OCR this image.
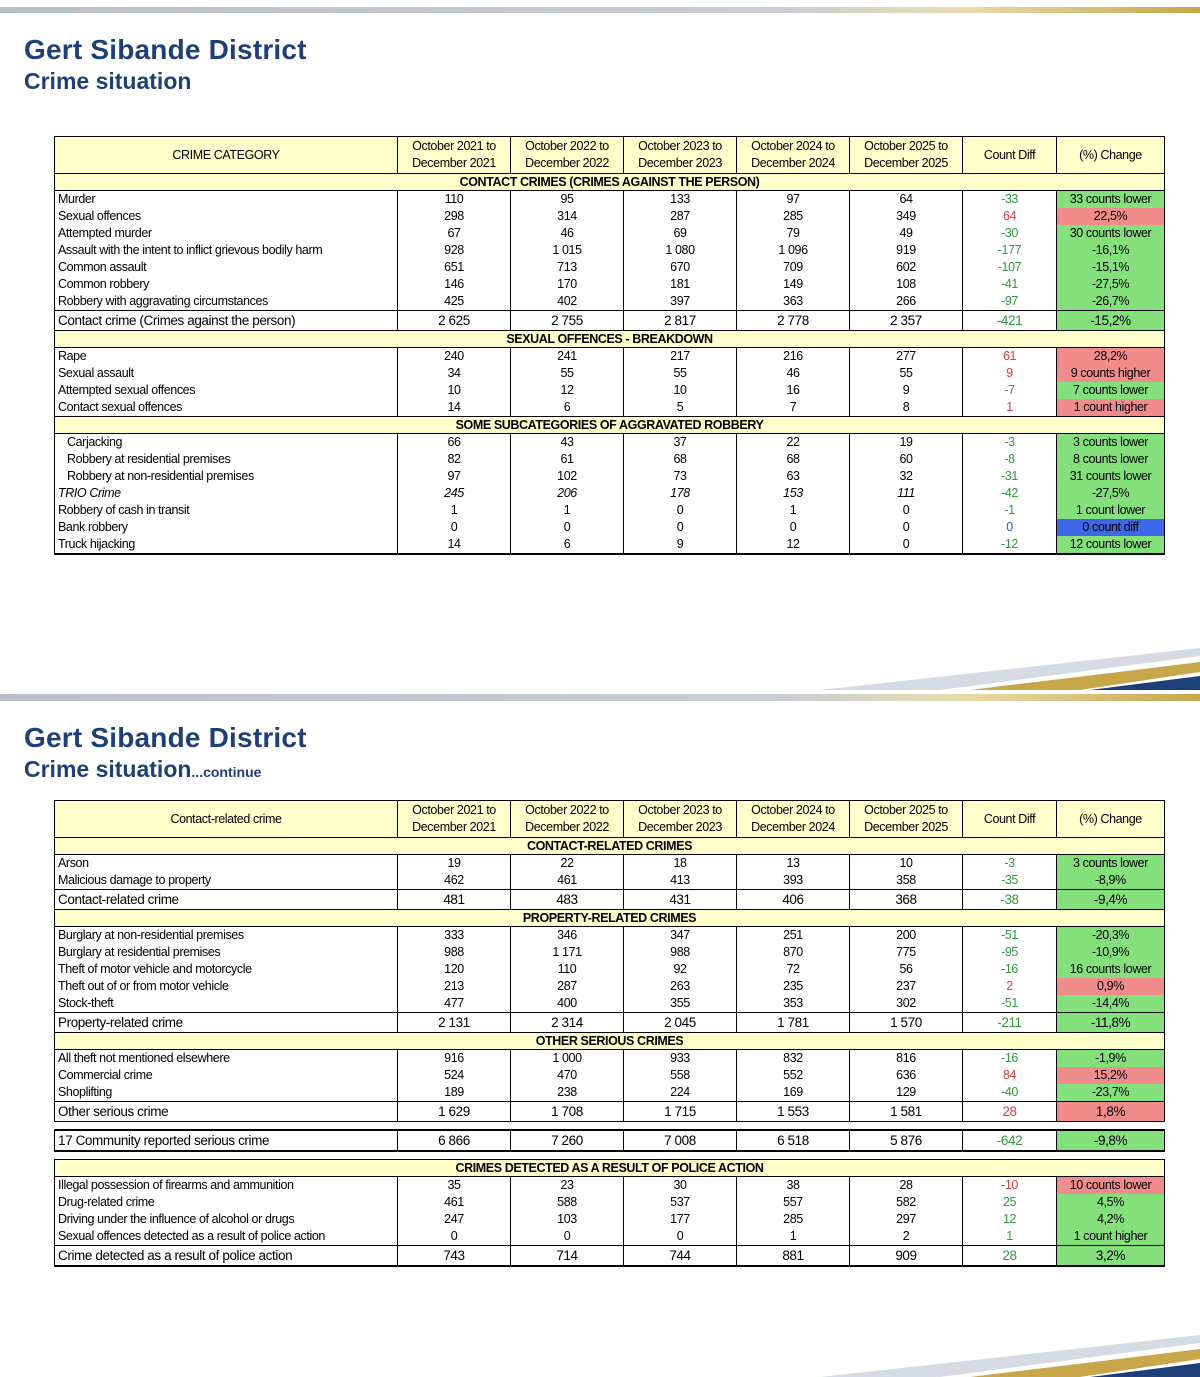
Gert Sibande District
Crime situation
CRIME CATEGORY	October 2021 to December 2021	October 2022 to December 2022	October 2023 to December 2023	October 2024 to December 2024	October 2025 to December 2025	Count Diff	(%) Change
CONTACT CRIMES (CRIMES AGAINST THE PERSON)							
Murder	110	95	133	97	64	-33	33 counts lower
Sexual offences	298	314	287	285	349	64	22,5%
Attempted murder	67	46	69	79	49	-30	30 counts lower
Assault with the intent to inflict grievous bodily harm	928	1 015	1 080	1 096	919	-177	-16,1%
Common assault	651	713	670	709	602	-107	-15,1%
Common robbery	146	170	181	149	108	-41	-27,5%
Robbery with aggravating circumstances	425	402	397	363	266	-97	-26,7%
Contact crime (Crimes against the person)	2 625	2 755	2 817	2 778	2 357	-421	-15,2%
SEXUAL OFFENCES - BREAKDOWN							
Rape	240	241	217	216	277	61	28,2%
Sexual assault	34	55	55	46	55	9	9 counts higher
Attempted sexual offences	10	12	10	16	9	-7	7 counts lower
Contact sexual offences	14	6	5	7	8	1	1 count higher
SOME SUBCATEGORIES OF AGGRAVATED ROBBERY							
Carjacking	66	43	37	22	19	-3	3 counts lower
Robbery at residential premises	82	61	68	68	60	-8	8 counts lower
Robbery at non-residential premises	97	102	73	63	32	-31	31 counts lower
TRIO Crime	245	206	178	153	111	-42	-27,5%
Robbery of cash in transit	1	1	0	1	0	-1	1 count lower
Bank robbery	0	0	0	0	0	0	0 count diff
Truck hijacking	14	6	9	12	0	-12	12 counts lower
Gert Sibande District
Crime situation...continue
Contact-related crime	October 2021 to December 2021	October 2022 to December 2022	October 2023 to December 2023	October 2024 to December 2024	October 2025 to December 2025	Count Diff	(%) Change
CONTACT-RELATED CRIMES							
Arson	19	22	18	13	10	-3	3 counts lower
Malicious damage to property	462	461	413	393	358	-35	-8,9%
Contact-related crime	481	483	431	406	368	-38	-9,4%
PROPERTY-RELATED CRIMES							
Burglary at non-residential premises	333	346	347	251	200	-51	-20,3%
Burglary at residential premises	988	1 171	988	870	775	-95	-10,9%
Theft of motor vehicle and motorcycle	120	110	92	72	56	-16	16 counts lower
Theft out of or from motor vehicle	213	287	263	235	237	2	0,9%
Stock-theft	477	400	355	353	302	-51	-14,4%
Property-related crime	2 131	2 314	2 045	1 781	1 570	-211	-11,8%
OTHER SERIOUS CRIMES							
All theft not mentioned elsewhere	916	1 000	933	832	816	-16	-1,9%
Commercial crime	524	470	558	552	636	84	15,2%
Shoplifting	189	238	224	169	129	-40	-23,7%
Other serious crime	1 629	1 708	1 715	1 553	1 581	28	1,8%

17 Community reported serious crime	6 866	7 260	7 008	6 518	5 876	-642	-9,8%

CRIMES DETECTED AS A RESULT OF POLICE ACTION							
Illegal possession of firearms and ammunition	35	23	30	38	28	-10	10 counts lower
Drug-related crime	461	588	537	557	582	25	4,5%
Driving under the influence of alcohol or drugs	247	103	177	285	297	12	4,2%
Sexual offences detected as a result of police action	0	0	0	1	2	1	1 count higher
Crime detected as a result of police action	743	714	744	881	909	28	3,2%
